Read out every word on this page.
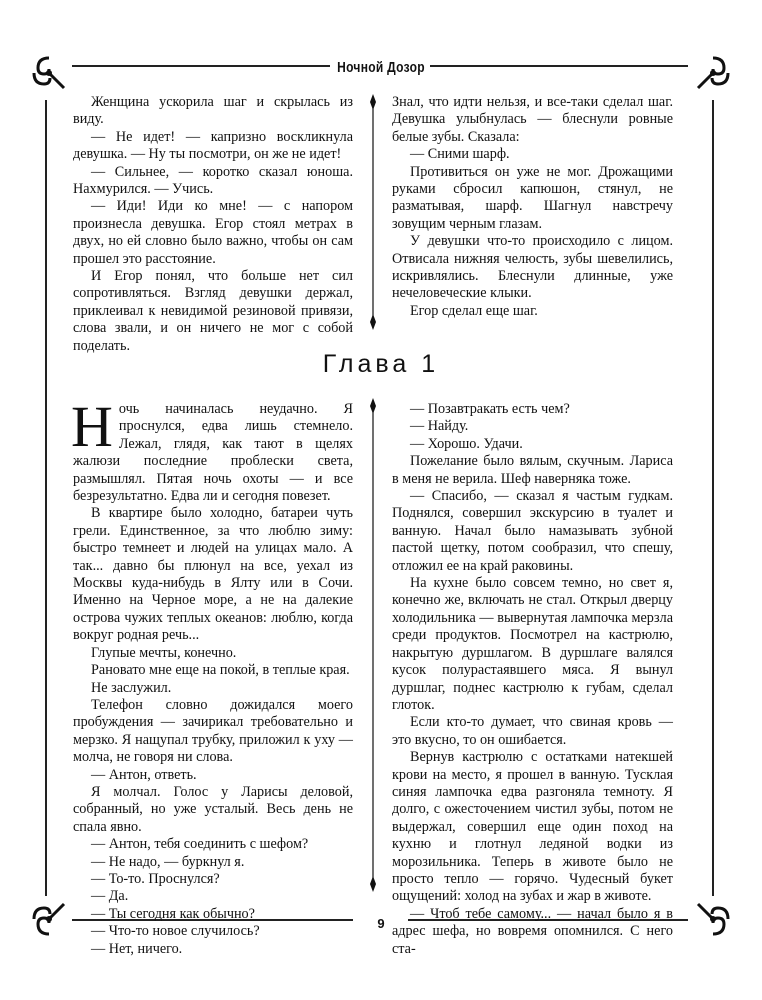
Ночной Дозор
9

Женщина ускорила шаг и скрылась из виду.

— Не идет! — капризно воскликнула девушка. — Ну ты посмотри, он же не идет!

— Сильнее, — коротко сказал юноша. Нахмурился. — Учись.

— Иди! Иди ко мне! — с напором произнесла девушка. Егор стоял метрах в двух, но ей словно было важно, чтобы он сам прошел это расстояние.

И Егор понял, что больше нет сил сопротивляться. Взгляд девушки держал, приклеивал к невидимой резиновой привязи, слова звали, и он ничего не мог с собой поделать.

Знал, что идти нельзя, и все-таки сделал шаг. Девушка улыбнулась — блеснули ровные белые зубы. Сказала:

— Сними шарф.

Противиться он уже не мог. Дрожащими руками сбросил капюшон, стянул, не разматывая, шарф. Шагнул навстречу зовущим черным глазам.

У девушки что-то происходило с лицом. Отвисала нижняя челюсть, зубы шевелились, искривлялись. Блеснули длинные, уже нечеловеческие клыки.

Егор сделал еще шаг.

Глава 1

Ночь начиналась неудачно. Я проснулся, едва лишь стемнело. Лежал, глядя, как тают в щелях жалюзи последние проблески света, размышлял. Пятая ночь охоты — и все безрезультатно. Едва ли и сегодня повезет.

В квартире было холодно, батареи чуть грели. Единственное, за что люблю зиму: быстро темнеет и людей на улицах мало. А так... давно бы плюнул на все, уехал из Москвы куда-нибудь в Ялту или в Сочи. Именно на Черное море, а не на далекие острова чужих теплых океанов: люблю, когда вокруг родная речь...

Глупые мечты, конечно.

Рановато мне еще на покой, в теплые края.

Не заслужил.

Телефон словно дожидался моего пробуждения — зачирикал требовательно и мерзко. Я нащупал трубку, приложил к уху — молча, не говоря ни слова.

— Антон, ответь.

Я молчал. Голос у Ларисы деловой, собранный, но уже усталый. Весь день не спала явно.

— Антон, тебя соединить с шефом?

— Не надо, — буркнул я.

— То-то. Проснулся?

— Да.

— Ты сегодня как обычно?

— Что-то новое случилось?

— Нет, ничего.

— Позавтракать есть чем?

— Найду.

— Хорошо. Удачи.

Пожелание было вялым, скучным. Лариса в меня не верила. Шеф наверняка тоже.

— Спасибо, — сказал я частым гудкам. Поднялся, совершил экскурсию в туалет и ванную. Начал было намазывать зубной пастой щетку, потом сообразил, что спешу, отложил ее на край раковины.

На кухне было совсем темно, но свет я, конечно же, включать не стал. Открыл дверцу холодильника — вывернутая лампочка мерзла среди продуктов. Посмотрел на кастрюлю, накрытую дуршлагом. В дуршлаге валялся кусок полурастаявшего мяса. Я вынул дуршлаг, поднес кастрюлю к губам, сделал глоток.

Если кто-то думает, что свиная кровь — это вкусно, то он ошибается.

Вернув кастрюлю с остатками натекшей крови на место, я прошел в ванную. Тусклая синяя лампочка едва разгоняла темноту. Я долго, с ожесточением чистил зубы, потом не выдержал, совершил еще один поход на кухню и глотнул ледяной водки из морозильника. Теперь в животе было не просто тепло — горячо. Чудесный букет ощущений: холод на зубах и жар в животе.

— Чтоб тебе самому... — начал было я в адрес шефа, но вовремя опомнился. С него ста-
